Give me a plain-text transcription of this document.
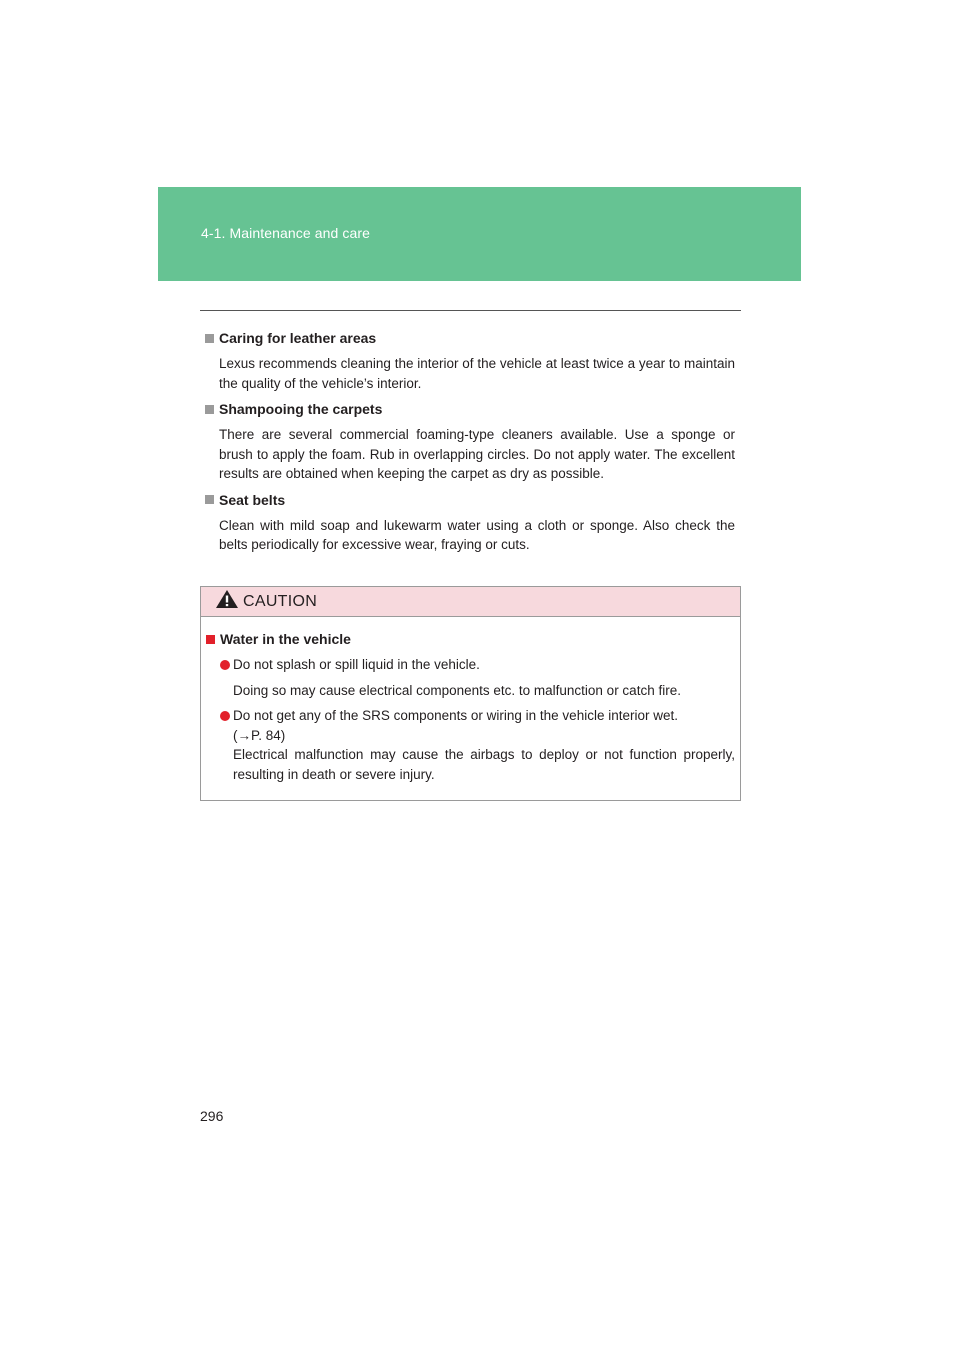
4-1. Maintenance and care
Caring for leather areas
Lexus recommends cleaning the interior of the vehicle at least twice a year to maintain the quality of the vehicle’s interior.
Shampooing the carpets
There are several commercial foaming-type cleaners available. Use a sponge or brush to apply the foam. Rub in overlapping circles. Do not apply water. The excellent results are obtained when keeping the carpet as dry as possible.
Seat belts
Clean with mild soap and lukewarm water using a cloth or sponge. Also check the belts periodically for excessive wear, fraying or cuts.
CAUTION
Water in the vehicle
Do not splash or spill liquid in the vehicle.
Doing so may cause electrical components etc. to malfunction or catch fire.
Do not get any of the SRS components or wiring in the vehicle interior wet.
(→P. 84)
Electrical malfunction may cause the airbags to deploy or not function properly, resulting in death or severe injury.
296
